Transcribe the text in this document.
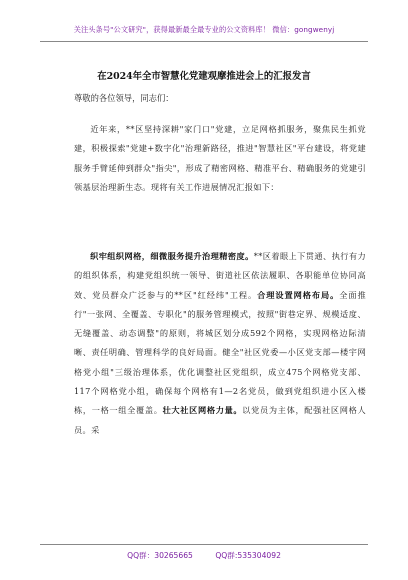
关注头条号"公文研究"，获得最新最全最专业的公文资料库！ 微信：gongwenyj
在2024年全市智慧化党建观摩推进会上的汇报发言
尊敬的各位领导，同志们：

近年来，**区坚持深耕"家门口"党建，立足网格抓服务，聚焦民生抓党建，积极探索"党建+数字化"治理新路径，推进"智慧社区"平台建设，将党建服务手臂延伸到群众"指尖"，形成了精密网格、精准平台、精确服务的党建引领基层治理新生态。现将有关工作进展情况汇报如下：

织牢组织网格，细微服务提升治理精密度。**区着眼上下贯通、执行有力的组织体系，构建党组织统一领导、街道社区依法履职、各职能单位协同高效、党员群众广泛参与的**区"红经纬"工程。合理设置网格布局。全面推行"一张网、全覆盖、专职化"的服务管理模式，按照"街巷定界、规模适度、无缝覆盖、动态调整"的原则，将城区划分成592个网格，实现网格边际清晰、责任明确、管理科学的良好局面。健全"社区党委—小区党支部—楼宇网格党小组"三级治理体系，优化调整社区党组织，成立475个网格党支部、117个网格党小组，确保每个网格有1—2名党员，做到党组织进小区入楼栋，一格一组全覆盖。壮大社区网格力量。以党员为主体，配强社区网格人员。采

QQ群：30265665	QQ群:535304092
